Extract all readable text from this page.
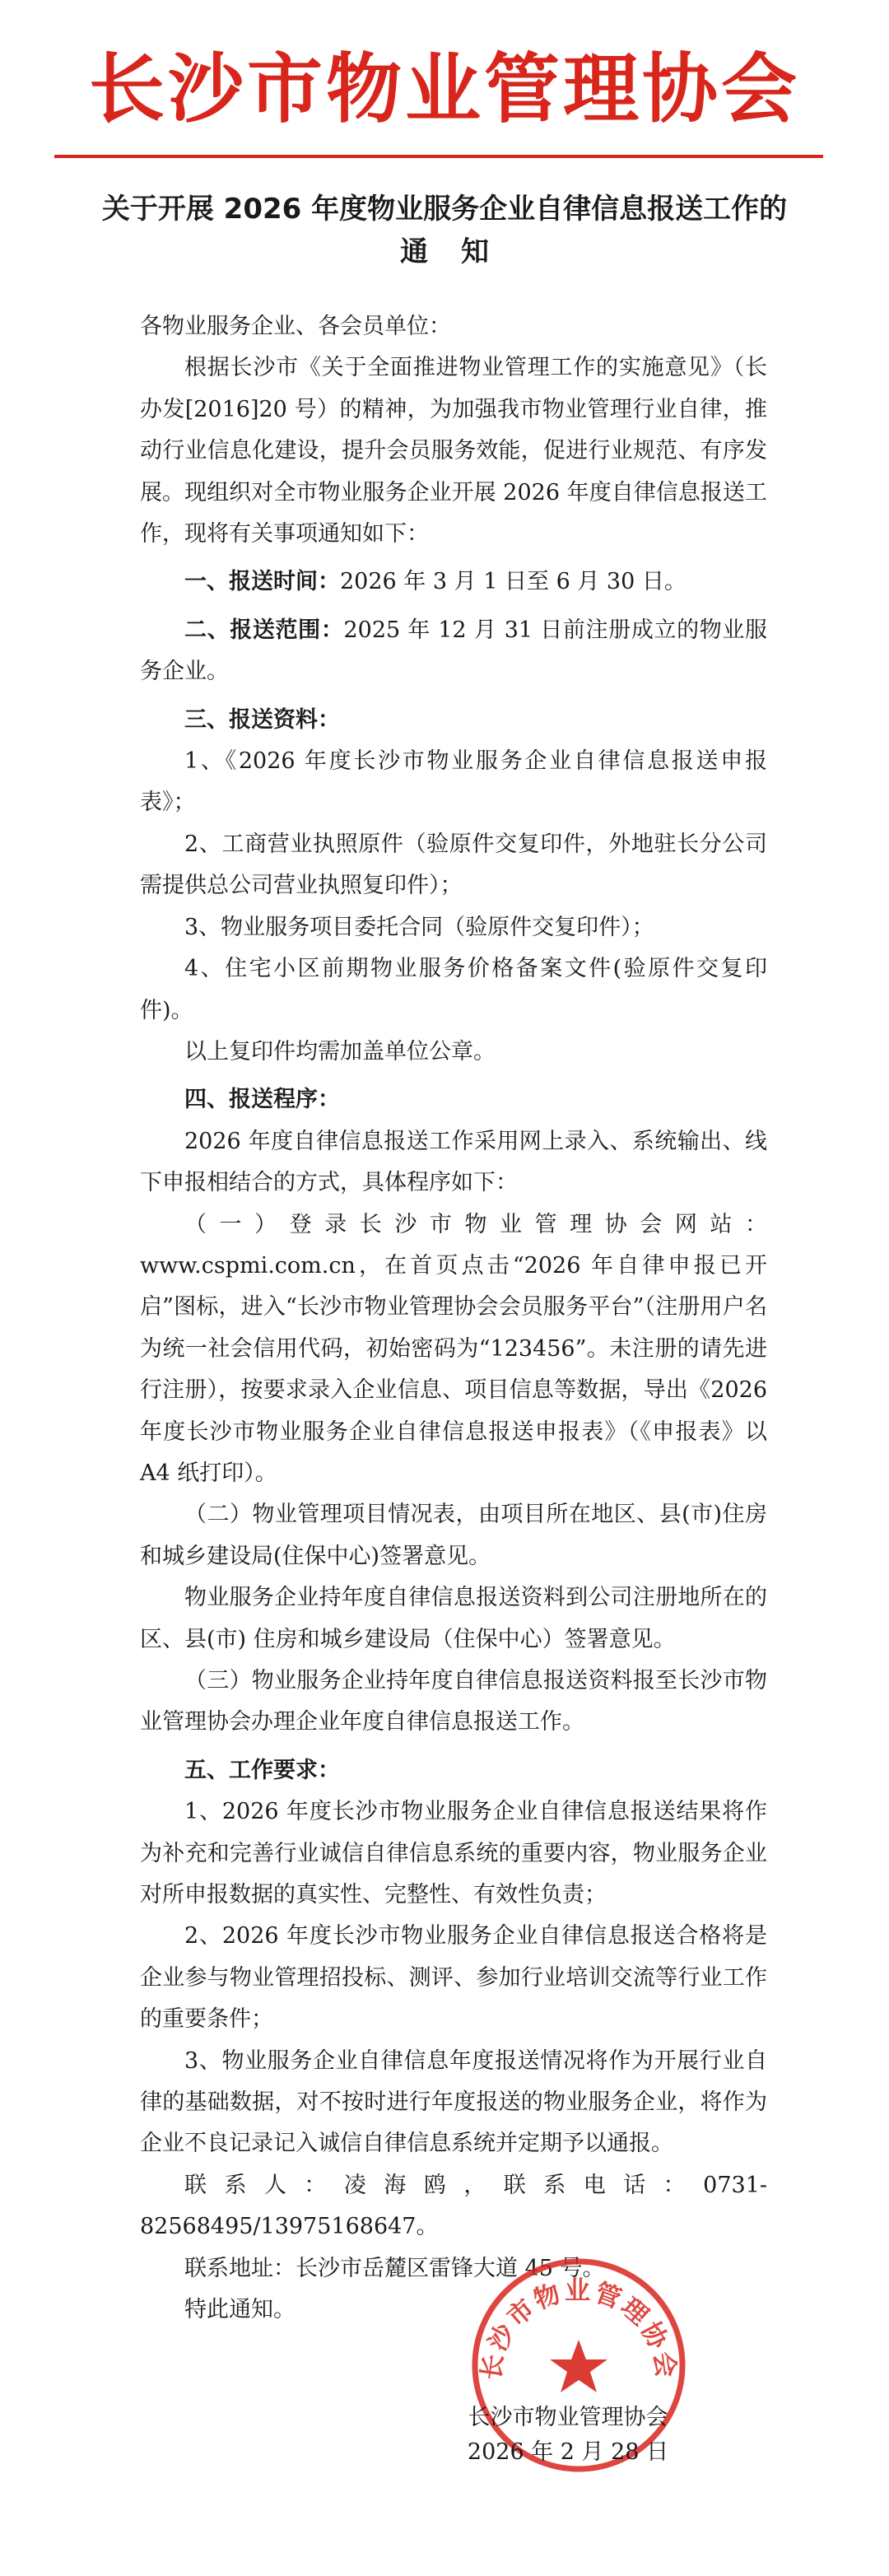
长沙市物业管理协会
关于开展 2026 年度物业服务企业自律信息报送工作的
通知

各物业服务企业、各会员单位：

根据长沙市《关于全面推进物业管理工作的实施意见》（长办发[2016]20 号）的精神，为加强我市物业管理行业自律，推动行业信息化建设，提升会员服务效能，促进行业规范、有序发展。现组织对全市物业服务企业开展 2026 年度自律信息报送工作，现将有关事项通知如下：

一、报送时间：2026 年 3 月 1 日至 6 月 30 日。

二、报送范围：2025 年 12 月 31 日前注册成立的物业服务企业。

三、报送资料：

1、《2026 年度长沙市物业服务企业自律信息报送申报表》；

2、工商营业执照原件（验原件交复印件，外地驻长分公司需提供总公司营业执照复印件）；

3、物业服务项目委托合同（验原件交复印件）；

4、住宅小区前期物业服务价格备案文件(验原件交复印件)。

以上复印件均需加盖单位公章。

四、报送程序：

2026 年度自律信息报送工作采用网上录入、系统输出、线下申报相结合的方式，具体程序如下：

（一）登录长沙市物业管理协会网站：www.cspmi.com.cn，在首页点击“2026 年自律申报已开启”图标，进入“长沙市物业管理协会会员服务平台”（注册用户名为统一社会信用代码，初始密码为“123456”。未注册的请先进行注册），按要求录入企业信息、项目信息等数据，导出《2026 年度长沙市物业服务企业自律信息报送申报表》（《申报表》以 A4 纸打印）。

（二）物业管理项目情况表，由项目所在地区、县(市)住房和城乡建设局(住保中心)签署意见。

物业服务企业持年度自律信息报送资料到公司注册地所在的区、县(市) 住房和城乡建设局（住保中心）签署意见。

（三）物业服务企业持年度自律信息报送资料报至长沙市物业管理协会办理企业年度自律信息报送工作。

五、工作要求：

1、2026 年度长沙市物业服务企业自律信息报送结果将作为补充和完善行业诚信自律信息系统的重要内容，物业服务企业对所申报数据的真实性、完整性、有效性负责；

2、2026 年度长沙市物业服务企业自律信息报送合格将是企业参与物业管理招投标、测评、参加行业培训交流等行业工作的重要条件；

3、物业服务企业自律信息年度报送情况将作为开展行业自律的基础数据，对不按时进行年度报送的物业服务企业，将作为企业不良记录记入诚信自律信息系统并定期予以通报。

联系人：凌海鸥，联系电话：0731-82568495/13975168647。

联系地址：长沙市岳麓区雷锋大道 45 号。

特此通知。

长沙市物业管理协会
长沙市物业管理协会
2026 年 2 月 28 日
